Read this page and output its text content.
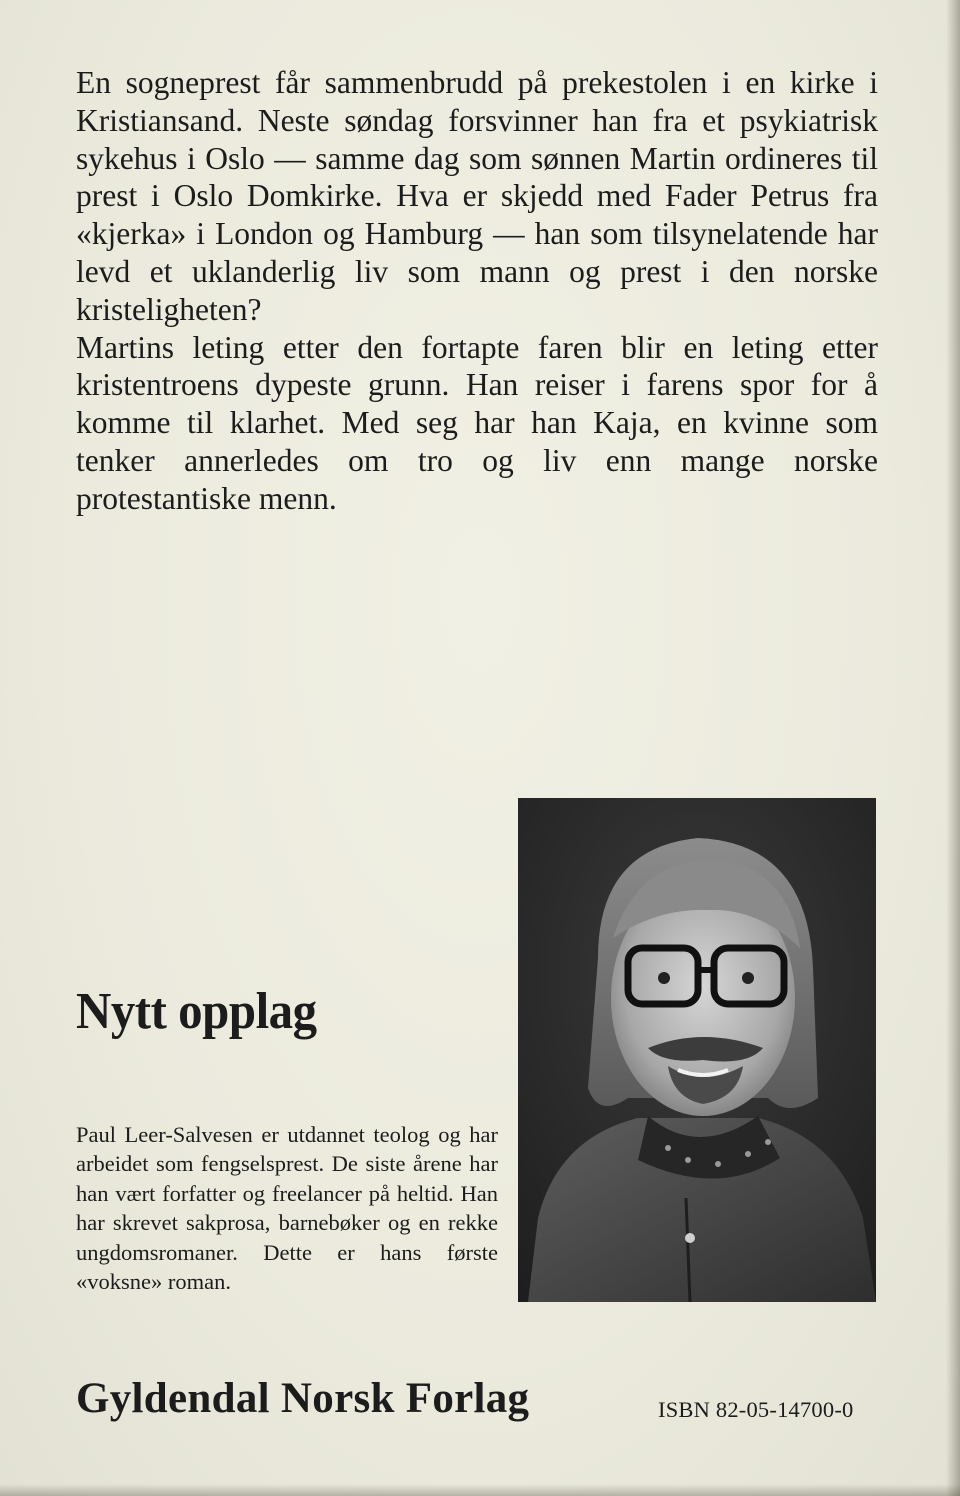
En sogneprest får sammenbrudd på prekestolen i en kirke i Kristiansand. Neste søndag forsvinner han fra et psykiatrisk sykehus i Oslo — samme dag som sønnen Martin ordineres til prest i Oslo Domkirke. Hva er skjedd med Fader Petrus fra «kjerka» i London og Hamburg — han som tilsynelatende har levd et uklanderlig liv som mann og prest i den norske kristeligheten?

Martins leting etter den fortapte faren blir en leting etter kristentroens dypeste grunn. Han reiser i farens spor for å komme til klarhet. Med seg har han Kaja, en kvinne som tenker annerledes om tro og liv enn mange norske protestantiske menn.

Nytt opplag

Paul Leer-Salvesen er utdannet teolog og har arbeidet som fengselsprest. De siste årene har han vært forfatter og freelancer på heltid. Han har skrevet sakprosa, barnebøker og en rekke ungdomsromaner. Dette er hans første «voksne» roman.

Gyldendal Norsk Forlag	ISBN 82-05-14700-0
